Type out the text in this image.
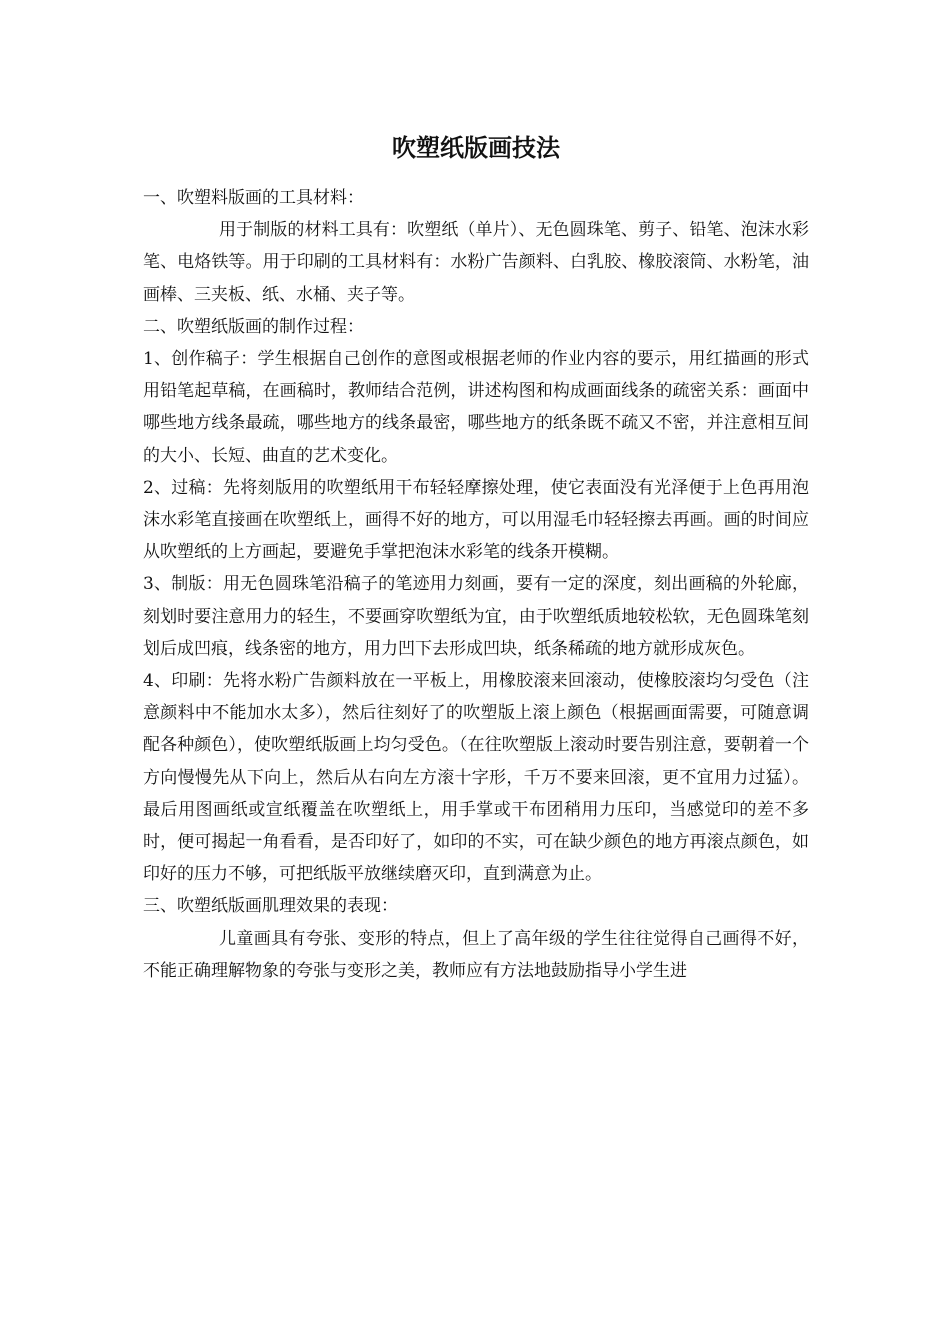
吹塑纸版画技法

一、吹塑料版画的工具材料：

用于制版的材料工具有：吹塑纸（单片）、无色圆珠笔、剪子、铅笔、泡沫水彩笔、电烙铁等。用于印刷的工具材料有：水粉广告颜料、白乳胶、橡胶滚筒、水粉笔，油画棒、三夹板、纸、水桶、夹子等。

二、吹塑纸版画的制作过程：

1、创作稿子：学生根据自己创作的意图或根据老师的作业内容的要示，用红描画的形式用铅笔起草稿，在画稿时，教师结合范例，讲述构图和构成画面线条的疏密关系：画面中哪些地方线条最疏，哪些地方的线条最密，哪些地方的纸条既不疏又不密，并注意相互间的大小、长短、曲直的艺术变化。

2、过稿：先将刻版用的吹塑纸用干布轻轻摩擦处理，使它表面没有光泽便于上色再用泡沫水彩笔直接画在吹塑纸上，画得不好的地方，可以用湿毛巾轻轻擦去再画。画的时间应从吹塑纸的上方画起，要避免手掌把泡沫水彩笔的线条开模糊。

3、制版：用无色圆珠笔沿稿子的笔迹用力刻画，要有一定的深度，刻出画稿的外轮廊，刻划时要注意用力的轻生，不要画穿吹塑纸为宜，由于吹塑纸质地较松软，无色圆珠笔刻划后成凹痕，线条密的地方，用力凹下去形成凹块，纸条稀疏的地方就形成灰色。

4、印刷：先将水粉广告颜料放在一平板上，用橡胶滚来回滚动，使橡胶滚均匀受色（注意颜料中不能加水太多），然后往刻好了的吹塑版上滚上颜色（根据画面需要，可随意调配各种颜色），使吹塑纸版画上均匀受色。（在往吹塑版上滚动时要告别注意，要朝着一个方向慢慢先从下向上，然后从右向左方滚十字形，千万不要来回滚，更不宜用力过猛）。最后用图画纸或宣纸覆盖在吹塑纸上，用手掌或干布团稍用力压印，当感觉印的差不多时，便可揭起一角看看，是否印好了，如印的不实，可在缺少颜色的地方再滚点颜色，如印好的压力不够，可把纸版平放继续磨灭印，直到满意为止。

三、吹塑纸版画肌理效果的表现：

儿童画具有夸张、变形的特点，但上了高年级的学生往往觉得自己画得不好，不能正确理解物象的夸张与变形之美，教师应有方法地鼓励指导小学生进
